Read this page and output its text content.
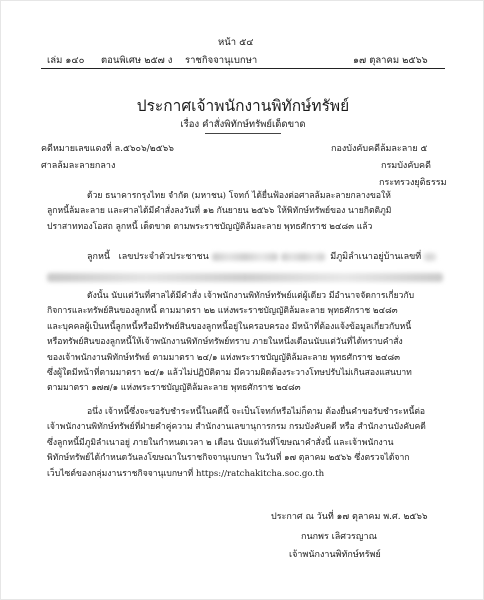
หน้า ๕๔
เล่ม ๑๔๐ ตอนพิเศษ ๒๕๗ ง ราชกิจจานุเบกษา	๑๗ ตุลาคม ๒๕๖๖
ประกาศเจ้าพนักงานพิทักษ์ทรัพย์
เรื่อง คำสั่งพิทักษ์ทรัพย์เด็ดขาด
คดีหมายเลขแดงที่ ล.๕๖๐๖/๒๕๖๖
ศาลล้มละลายกลาง
กองบังคับคดีล้มละลาย ๕
กรมบังคับคดี
กระทรวงยุติธรรม
ด้วย ธนาคารกรุงไทย จำกัด (มหาชน) โจทก์ ได้ยื่นฟ้องต่อศาลล้มละลายกลางขอให้
ลูกหนี้ล้มละลาย และศาลได้มีคำสั่งลงวันที่ ๑๒ กันยายน ๒๕๖๖ ให้พิทักษ์ทรัพย์ของ นายกิตติภูมิ
ปราสาททองโอสถ ลูกหนี้ เด็ดขาด ตามพระราชบัญญัติล้มละลาย พุทธศักราช ๒๔๘๓ แล้ว
ลูกหนี้ เลขประจำตัวประชาชน	มีภูมิลำเนาอยู่บ้านเลขที่
ดังนั้น นับแต่วันที่ศาลได้มีคำสั่ง เจ้าพนักงานพิทักษ์ทรัพย์แต่ผู้เดียว มีอำนาจจัดการเกี่ยวกับ
กิจการและทรัพย์สินของลูกหนี้ ตามมาตรา ๒๒ แห่งพระราชบัญญัติล้มละลาย พุทธศักราช ๒๔๘๓
และบุคคลผู้เป็นหนี้ลูกหนี้หรือมีทรัพย์สินของลูกหนี้อยู่ในครอบครอง มีหน้าที่ต้องแจ้งข้อมูลเกี่ยวกับหนี้
หรือทรัพย์สินของลูกหนี้ให้เจ้าพนักงานพิทักษ์ทรัพย์ทราบ ภายในหนึ่งเดือนนับแต่วันที่ได้ทราบคำสั่ง
ของเจ้าพนักงานพิทักษ์ทรัพย์ ตามมาตรา ๒๔/๑ แห่งพระราชบัญญัติล้มละลาย พุทธศักราช ๒๔๘๓
ซึ่งผู้ใดมีหน้าที่ตามมาตรา ๒๔/๑ แล้วไม่ปฏิบัติตาม มีความผิดต้องระวางโทษปรับไม่เกินสองแสนบาท
ตามมาตรา ๑๗๗/๑ แห่งพระราชบัญญัติล้มละลาย พุทธศักราช ๒๔๘๓
อนึ่ง เจ้าหนี้ซึ่งจะขอรับชำระหนี้ในคดีนี้ จะเป็นโจทก์หรือไม่ก็ตาม ต้องยื่นคำขอรับชำระหนี้ต่อ
เจ้าพนักงานพิทักษ์ทรัพย์ที่ฝ่ายคำคู่ความ สำนักงานเลขานุการกรม กรมบังคับคดี หรือ สำนักงานบังคับคดี
ซึ่งลูกหนี้มีภูมิลำเนาอยู่ ภายในกำหนดเวลา ๒ เดือน นับแต่วันที่โฆษณาคำสั่งนี้ และเจ้าพนักงาน
พิทักษ์ทรัพย์ได้กำหนดวันลงโฆษณาในราชกิจจานุเบกษา ในวันที่ ๑๗ ตุลาคม ๒๕๖๖ ซึ่งตรวจได้จาก
เว็บไซต์ของกลุ่มงานราชกิจจานุเบกษาที่ https://ratchakitcha.soc.go.th
ประกาศ ณ วันที่ ๑๗ ตุลาคม พ.ศ. ๒๕๖๖
กนกพร เลิศวรญาณ
เจ้าพนักงานพิทักษ์ทรัพย์
